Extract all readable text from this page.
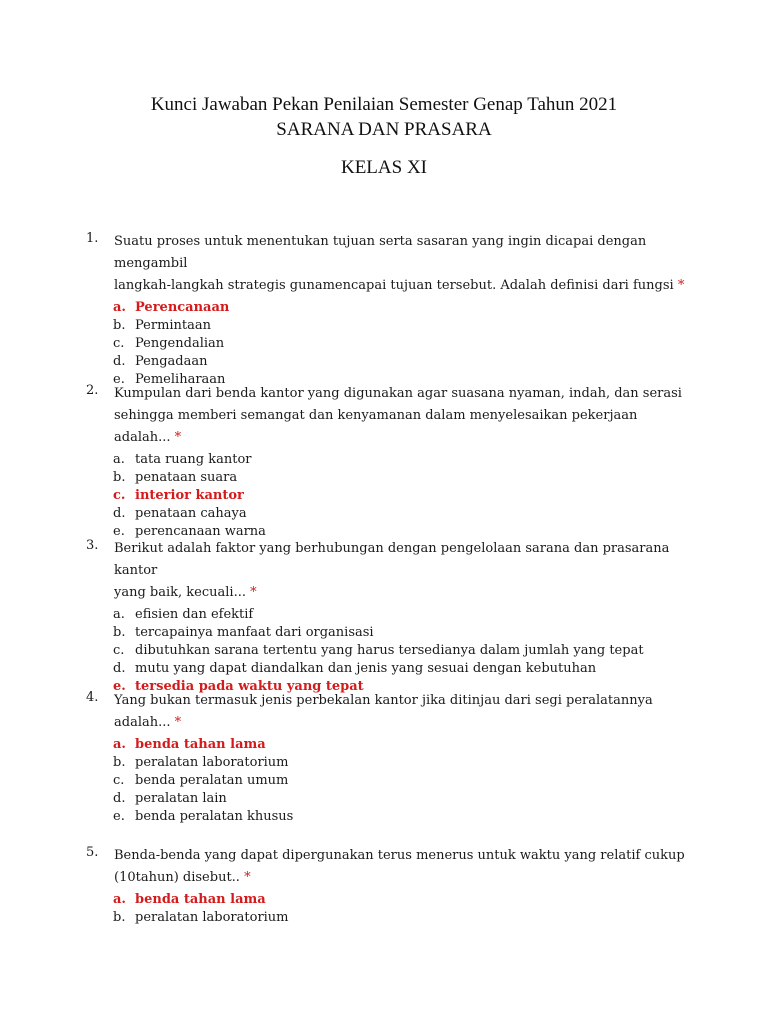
Kunci Jawaban Pekan Penilaian Semester Genap Tahun 2021
SARANA DAN PRASARA
KELAS XI
1. Suatu proses untuk menentukan tujuan serta sasaran yang ingin dicapai dengan mengambil
langkah-langkah strategis gunamencapai tujuan tersebut. Adalah definisi dari fungsi *
a. Perencanaan
b. Permintaan
c. Pengendalian
d. Pengadaan
e. Pemeliharaan
2. Kumpulan dari benda kantor yang digunakan agar suasana nyaman, indah, dan serasi
sehingga memberi semangat dan kenyamanan dalam menyelesaikan pekerjaan adalah... *
a. tata ruang kantor
b. penataan suara
c. interior kantor
d. penataan cahaya
e. perencanaan warna
3. Berikut adalah faktor yang berhubungan dengan pengelolaan sarana dan prasarana kantor
yang baik, kecuali... *
a. efisien dan efektif
b. tercapainya manfaat dari organisasi
c. dibutuhkan sarana tertentu yang harus tersedianya dalam jumlah yang tepat
d. mutu yang dapat diandalkan dan jenis yang sesuai dengan kebutuhan
e. tersedia pada waktu yang tepat
4. Yang bukan termasuk jenis perbekalan kantor jika ditinjau dari segi peralatannya
adalah... *
a. benda tahan lama
b. peralatan laboratorium
c. benda peralatan umum
d. peralatan lain
e. benda peralatan khusus
5. Benda-benda yang dapat dipergunakan terus menerus untuk waktu yang relatif cukup
(10tahun) disebut.. *
a. benda tahan lama
b. peralatan laboratorium
